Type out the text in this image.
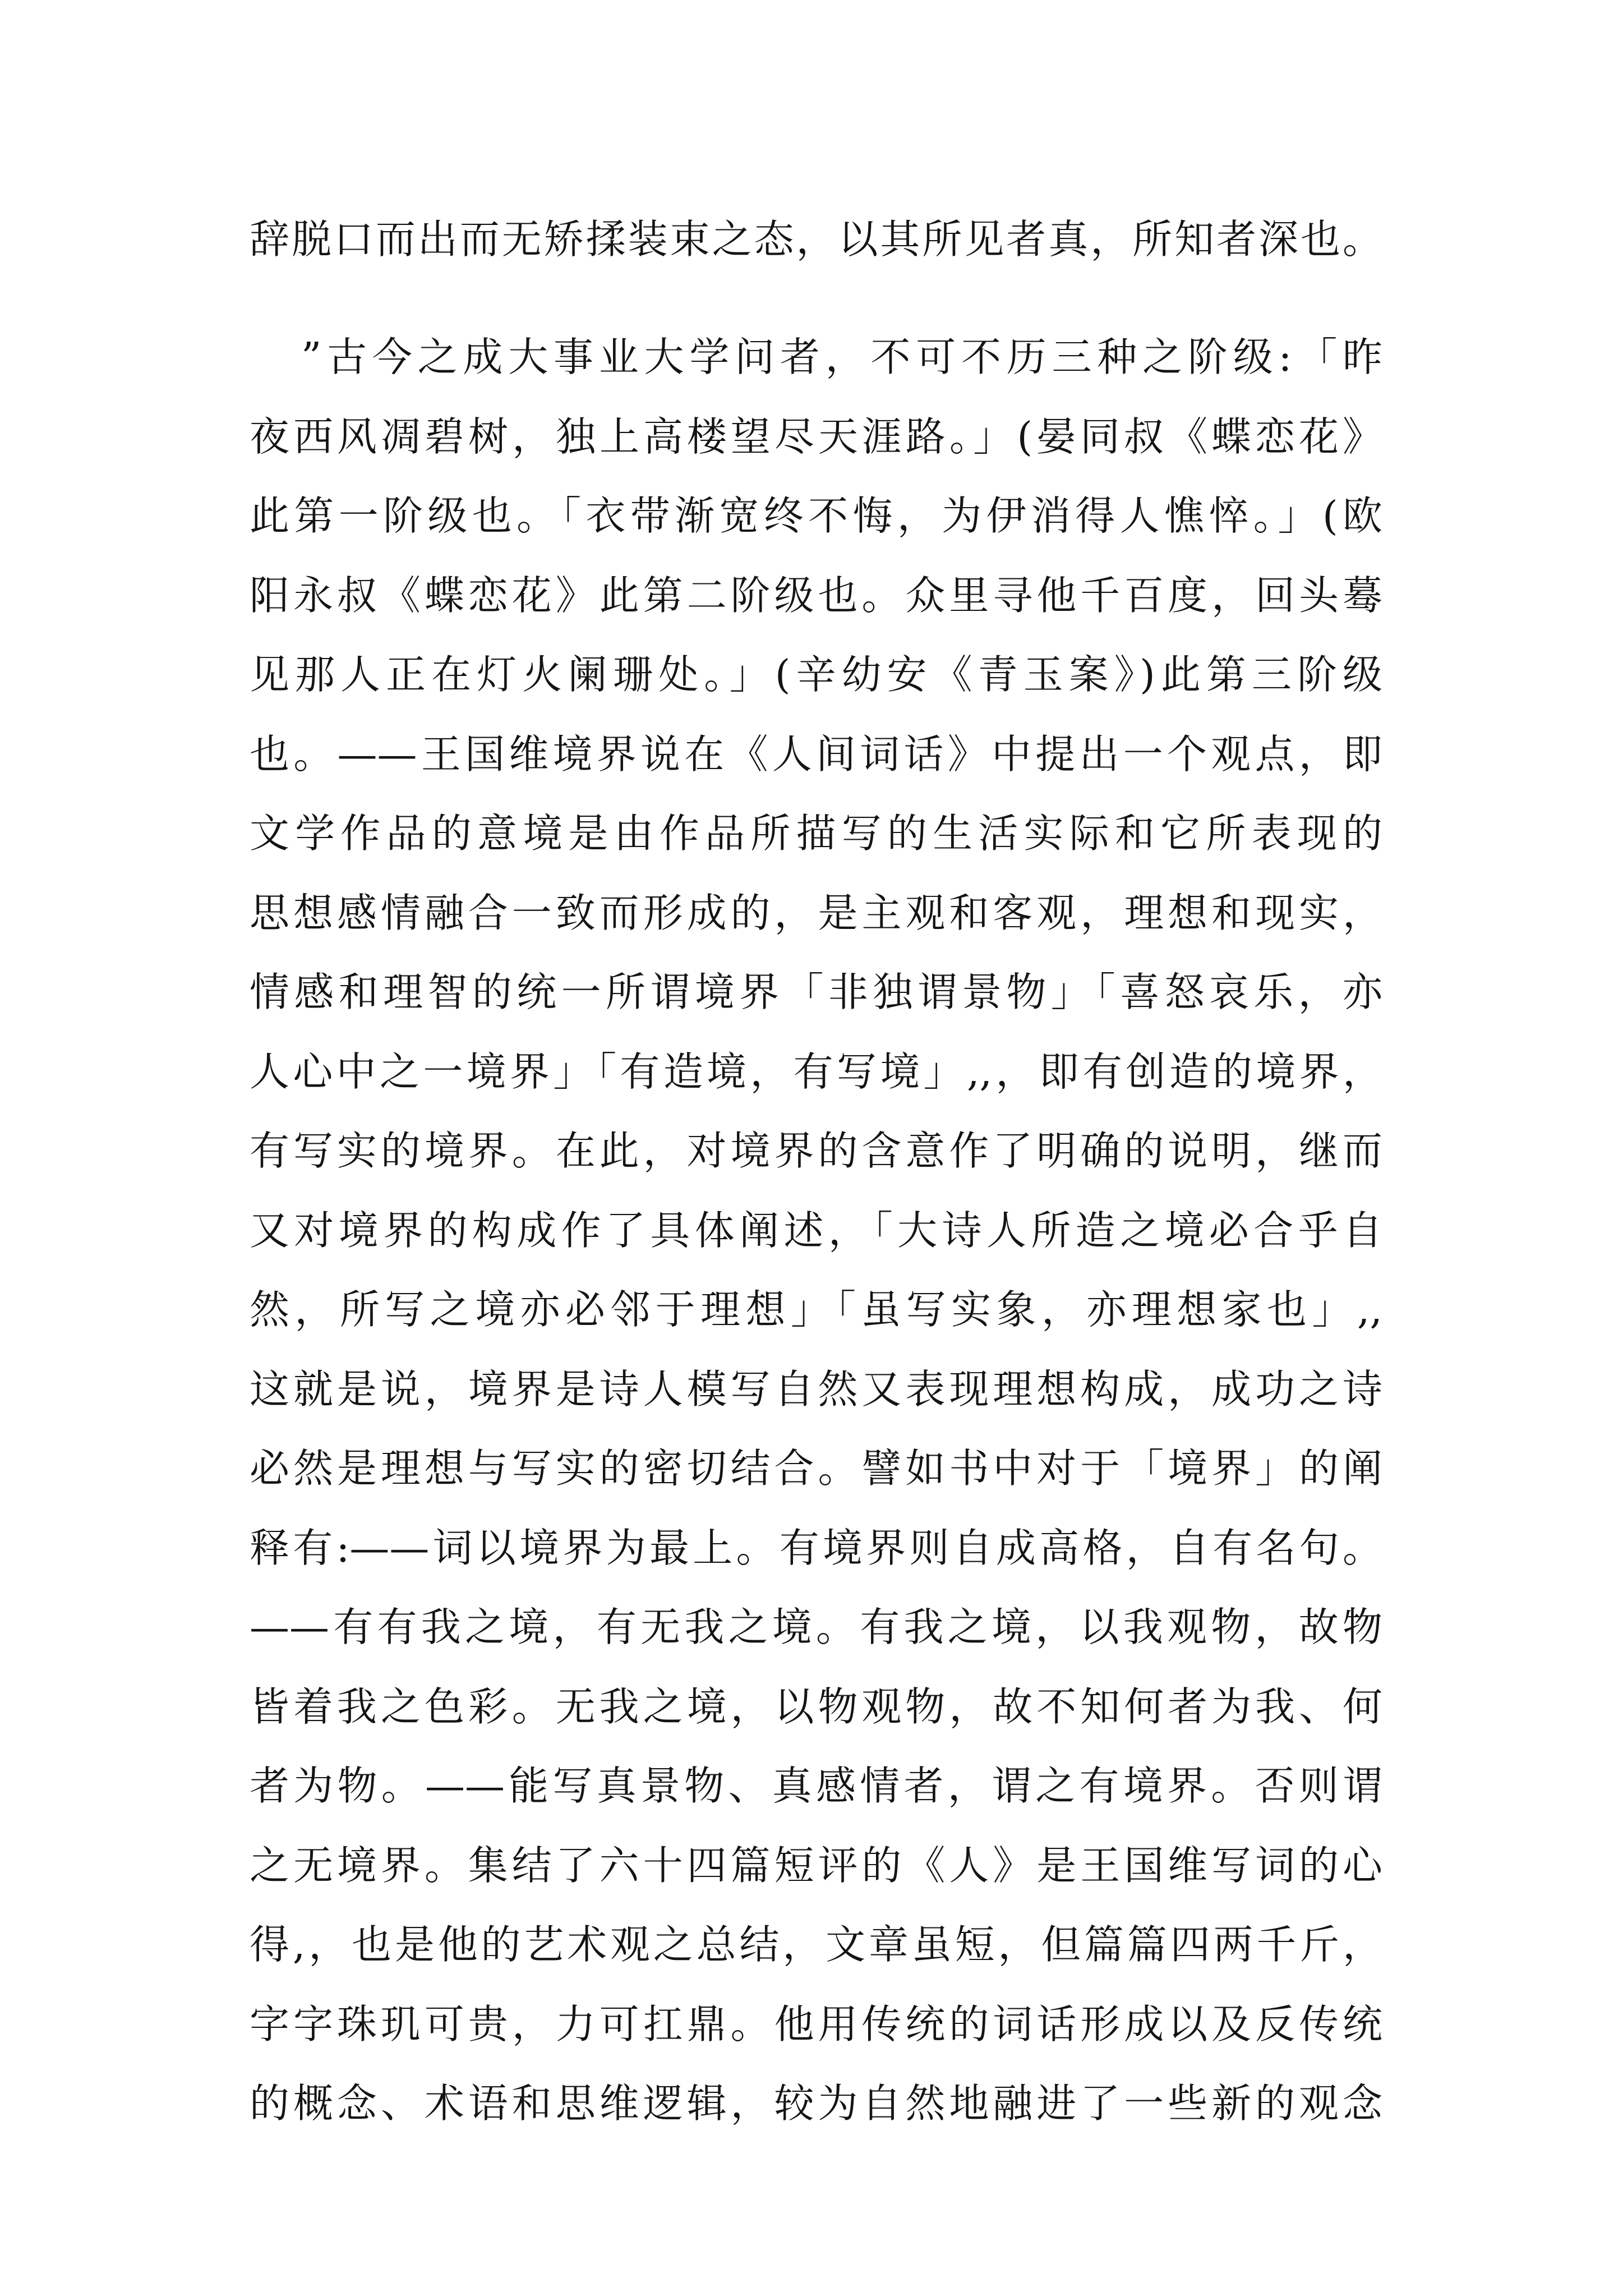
辞脱口而出而无矫揉装束之态，以其所见者真，所知者深也。
”古今之成大事业大学问者，不可不历三种之阶级:「昨
夜西风凋碧树，独上高楼望尽天涯路。」(晏同叔《蝶恋花》
此第一阶级也。「衣带渐宽终不悔，为伊消得人憔悴。」(欧
阳永叔《蝶恋花》此第二阶级也。众里寻他千百度，回头蓦
见那人正在灯火阑珊处。」(辛幼安《青玉案》)此第三阶级
也。——王国维境界说在《人间词话》中提出一个观点，即
文学作品的意境是由作品所描写的生活实际和它所表现的
思想感情融合一致而形成的，是主观和客观，理想和现实，
情感和理智的统一所谓境界「非独谓景物」「喜怒哀乐，亦
人心中之一境界」「有造境，有写境」,,，即有创造的境界，
有写实的境界。在此，对境界的含意作了明确的说明，继而
又对境界的构成作了具体阐述，「大诗人所造之境必合乎自
然，所写之境亦必邻于理想」「虽写实象，亦理想家也」,,
这就是说，境界是诗人模写自然又表现理想构成，成功之诗
必然是理想与写实的密切结合。譬如书中对于「境界」的阐
释有:——词以境界为最上。有境界则自成高格，自有名句。
——有有我之境，有无我之境。有我之境，以我观物，故物
皆着我之色彩。无我之境，以物观物，故不知何者为我、何
者为物。——能写真景物、真感情者，谓之有境界。否则谓
之无境界。集结了六十四篇短评的《人》是王国维写词的心
得,，也是他的艺术观之总结，文章虽短，但篇篇四两千斤，
字字珠玑可贵，力可扛鼎。他用传统的词话形成以及反传统
的概念、术语和思维逻辑，较为自然地融进了一些新的观念
